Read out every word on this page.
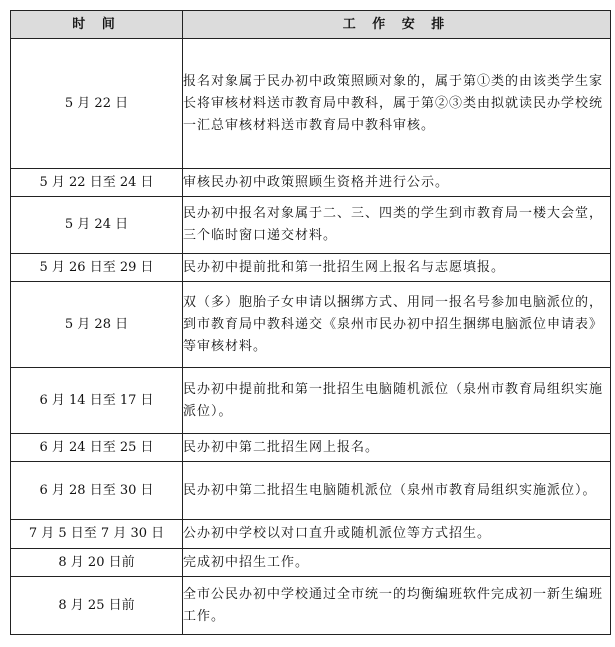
时 间	工 作 安 排
5 月 22 日	报名对象属于民办初中政策照顾对象的，属于第①类的由该类学生家长将审核材料送市教育局中教科，属于第②③类由拟就读民办学校统一汇总审核材料送市教育局中教科审核。
5 月 22 日至 24 日	审核民办初中政策照顾生资格并进行公示。
5 月 24 日	民办初中报名对象属于二、三、四类的学生到市教育局一楼大会堂，三个临时窗口递交材料。
5 月 26 日至 29 日	民办初中提前批和第一批招生网上报名与志愿填报。
5 月 28 日	双（多）胞胎子女申请以捆绑方式、用同一报名号参加电脑派位的，到市教育局中教科递交《泉州市民办初中招生捆绑电脑派位申请表》等审核材料。
6 月 14 日至 17 日	民办初中提前批和第一批招生电脑随机派位（泉州市教育局组织实施派位）。
6 月 24 日至 25 日	民办初中第二批招生网上报名。
6 月 28 日至 30 日	民办初中第二批招生电脑随机派位（泉州市教育局组织实施派位）。
7 月 5 日至 7 月 30 日	公办初中学校以对口直升或随机派位等方式招生。
8 月 20 日前	完成初中招生工作。
8 月 25 日前	全市公民办初中学校通过全市统一的均衡编班软件完成初一新生编班工作。
